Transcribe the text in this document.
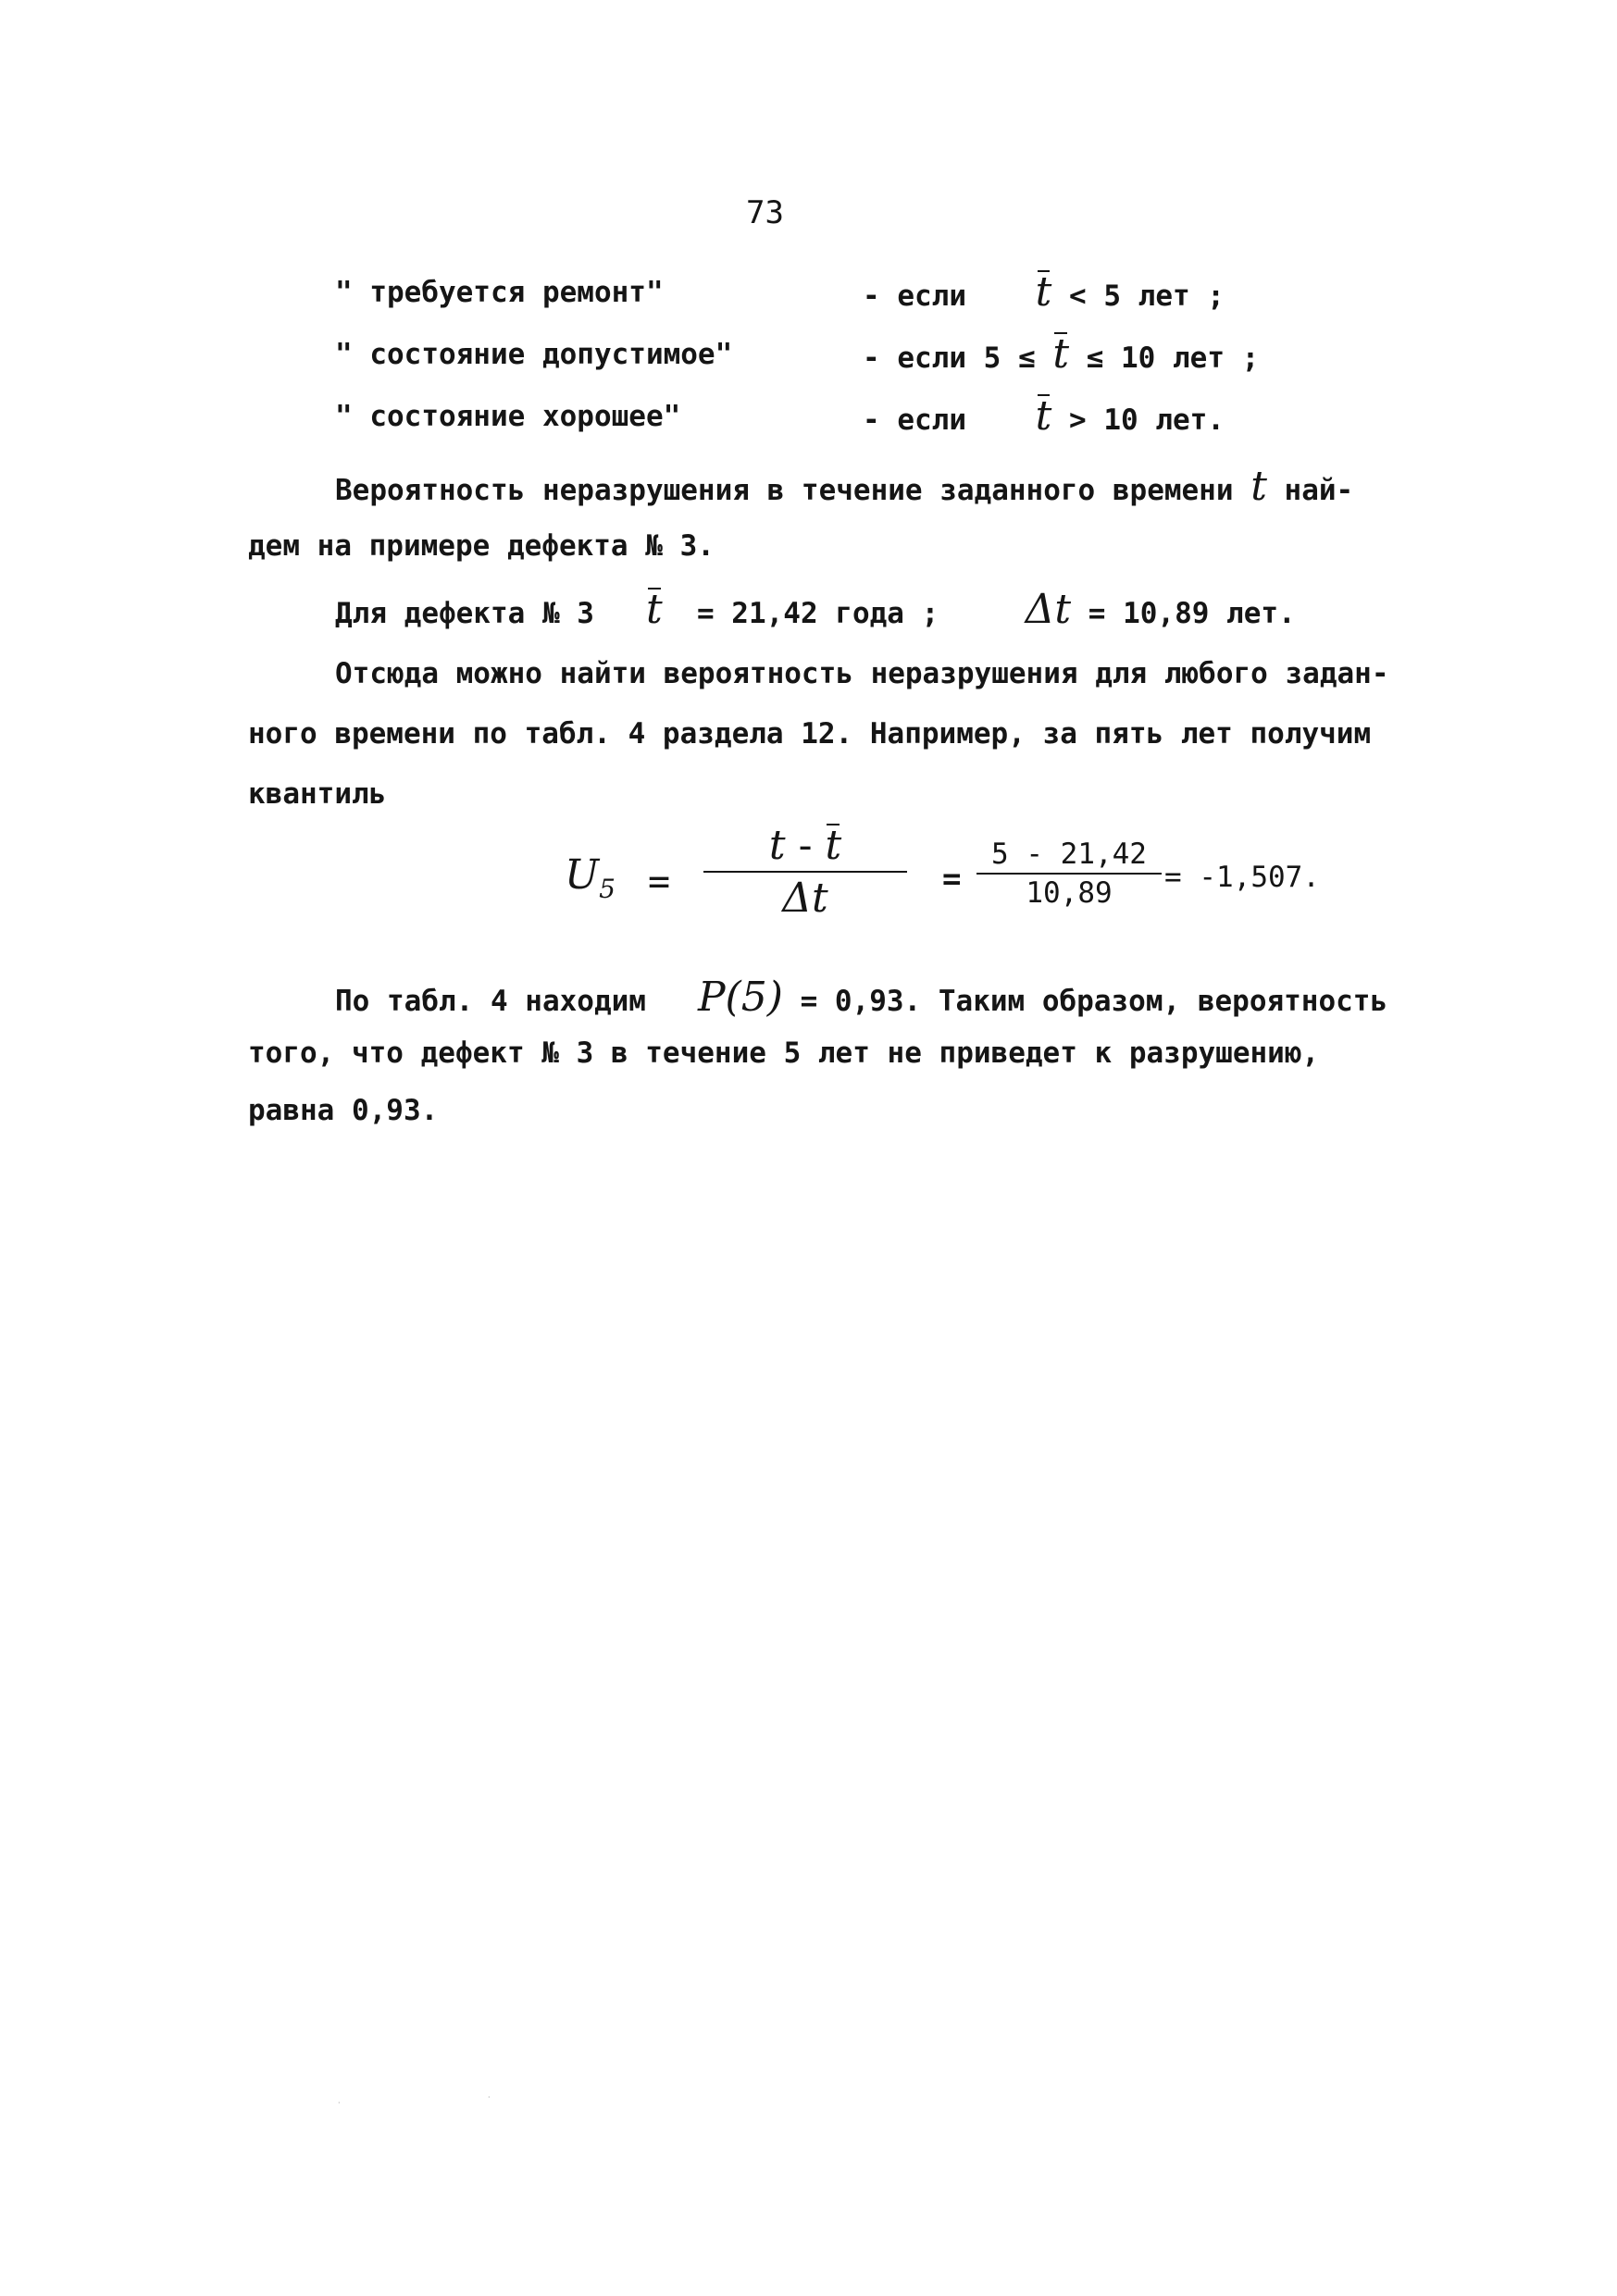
73
" требуется ремонт"	- если t < 5 лет ;
" состояние допустимое"	- если 5 ≤ t ≤ 10 лет ;
" состояние хорошее"	- если t > 10 лет.
Вероятность неразрушения в течение заданного времени t най-
дем на примере дефекта № 3.
Для дефекта № 3 t = 21,42 года ; Δt = 10,89 лет.
Отсюда можно найти вероятность неразрушения для любого задан-
ного времени по табл. 4 раздела 12. Например, за пять лет получим
квантиль
$U_5$ =
t - t
Δt	=
5 - 21,42
10,89	= -1,507.
По табл. 4 находим P(5) = 0,93. Таким образом, вероятность
того, что дефект № 3 в течение 5 лет не приведет к разрушению,
равна 0,93.
·
·
